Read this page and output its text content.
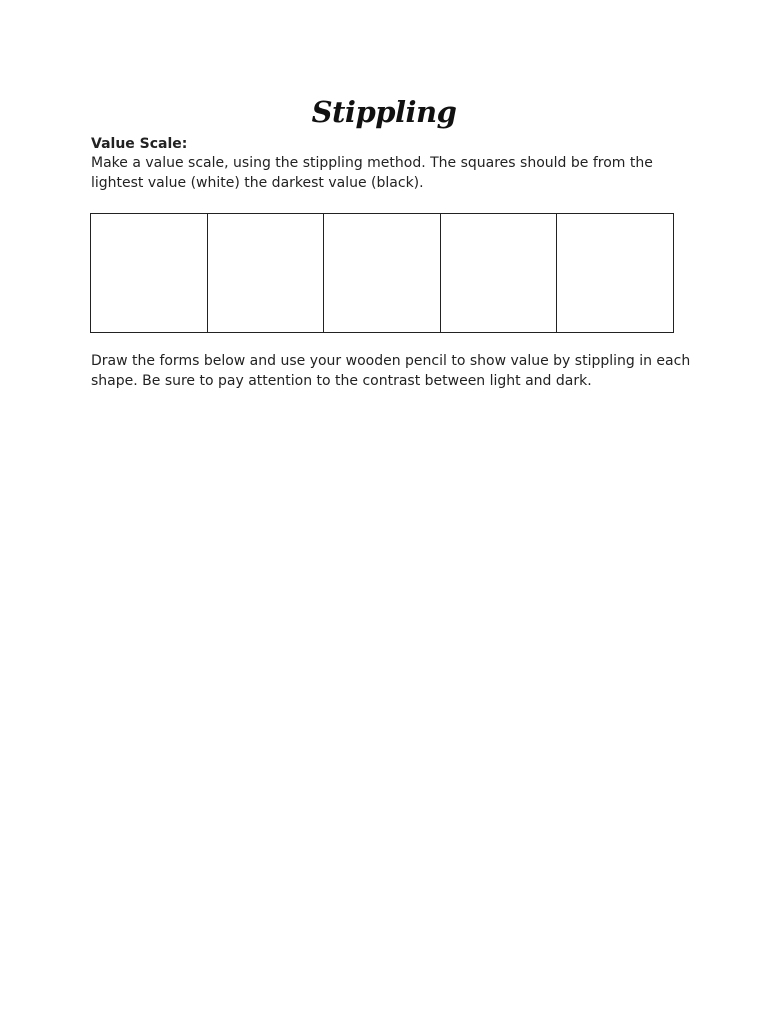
Stippling
Value Scale:
Make a value scale, using the stippling method. The squares should be from the lightest value (white) the darkest value (black).
Draw the forms below and use your wooden pencil to show value by stippling in each shape. Be sure to pay attention to the contrast between light and dark.
